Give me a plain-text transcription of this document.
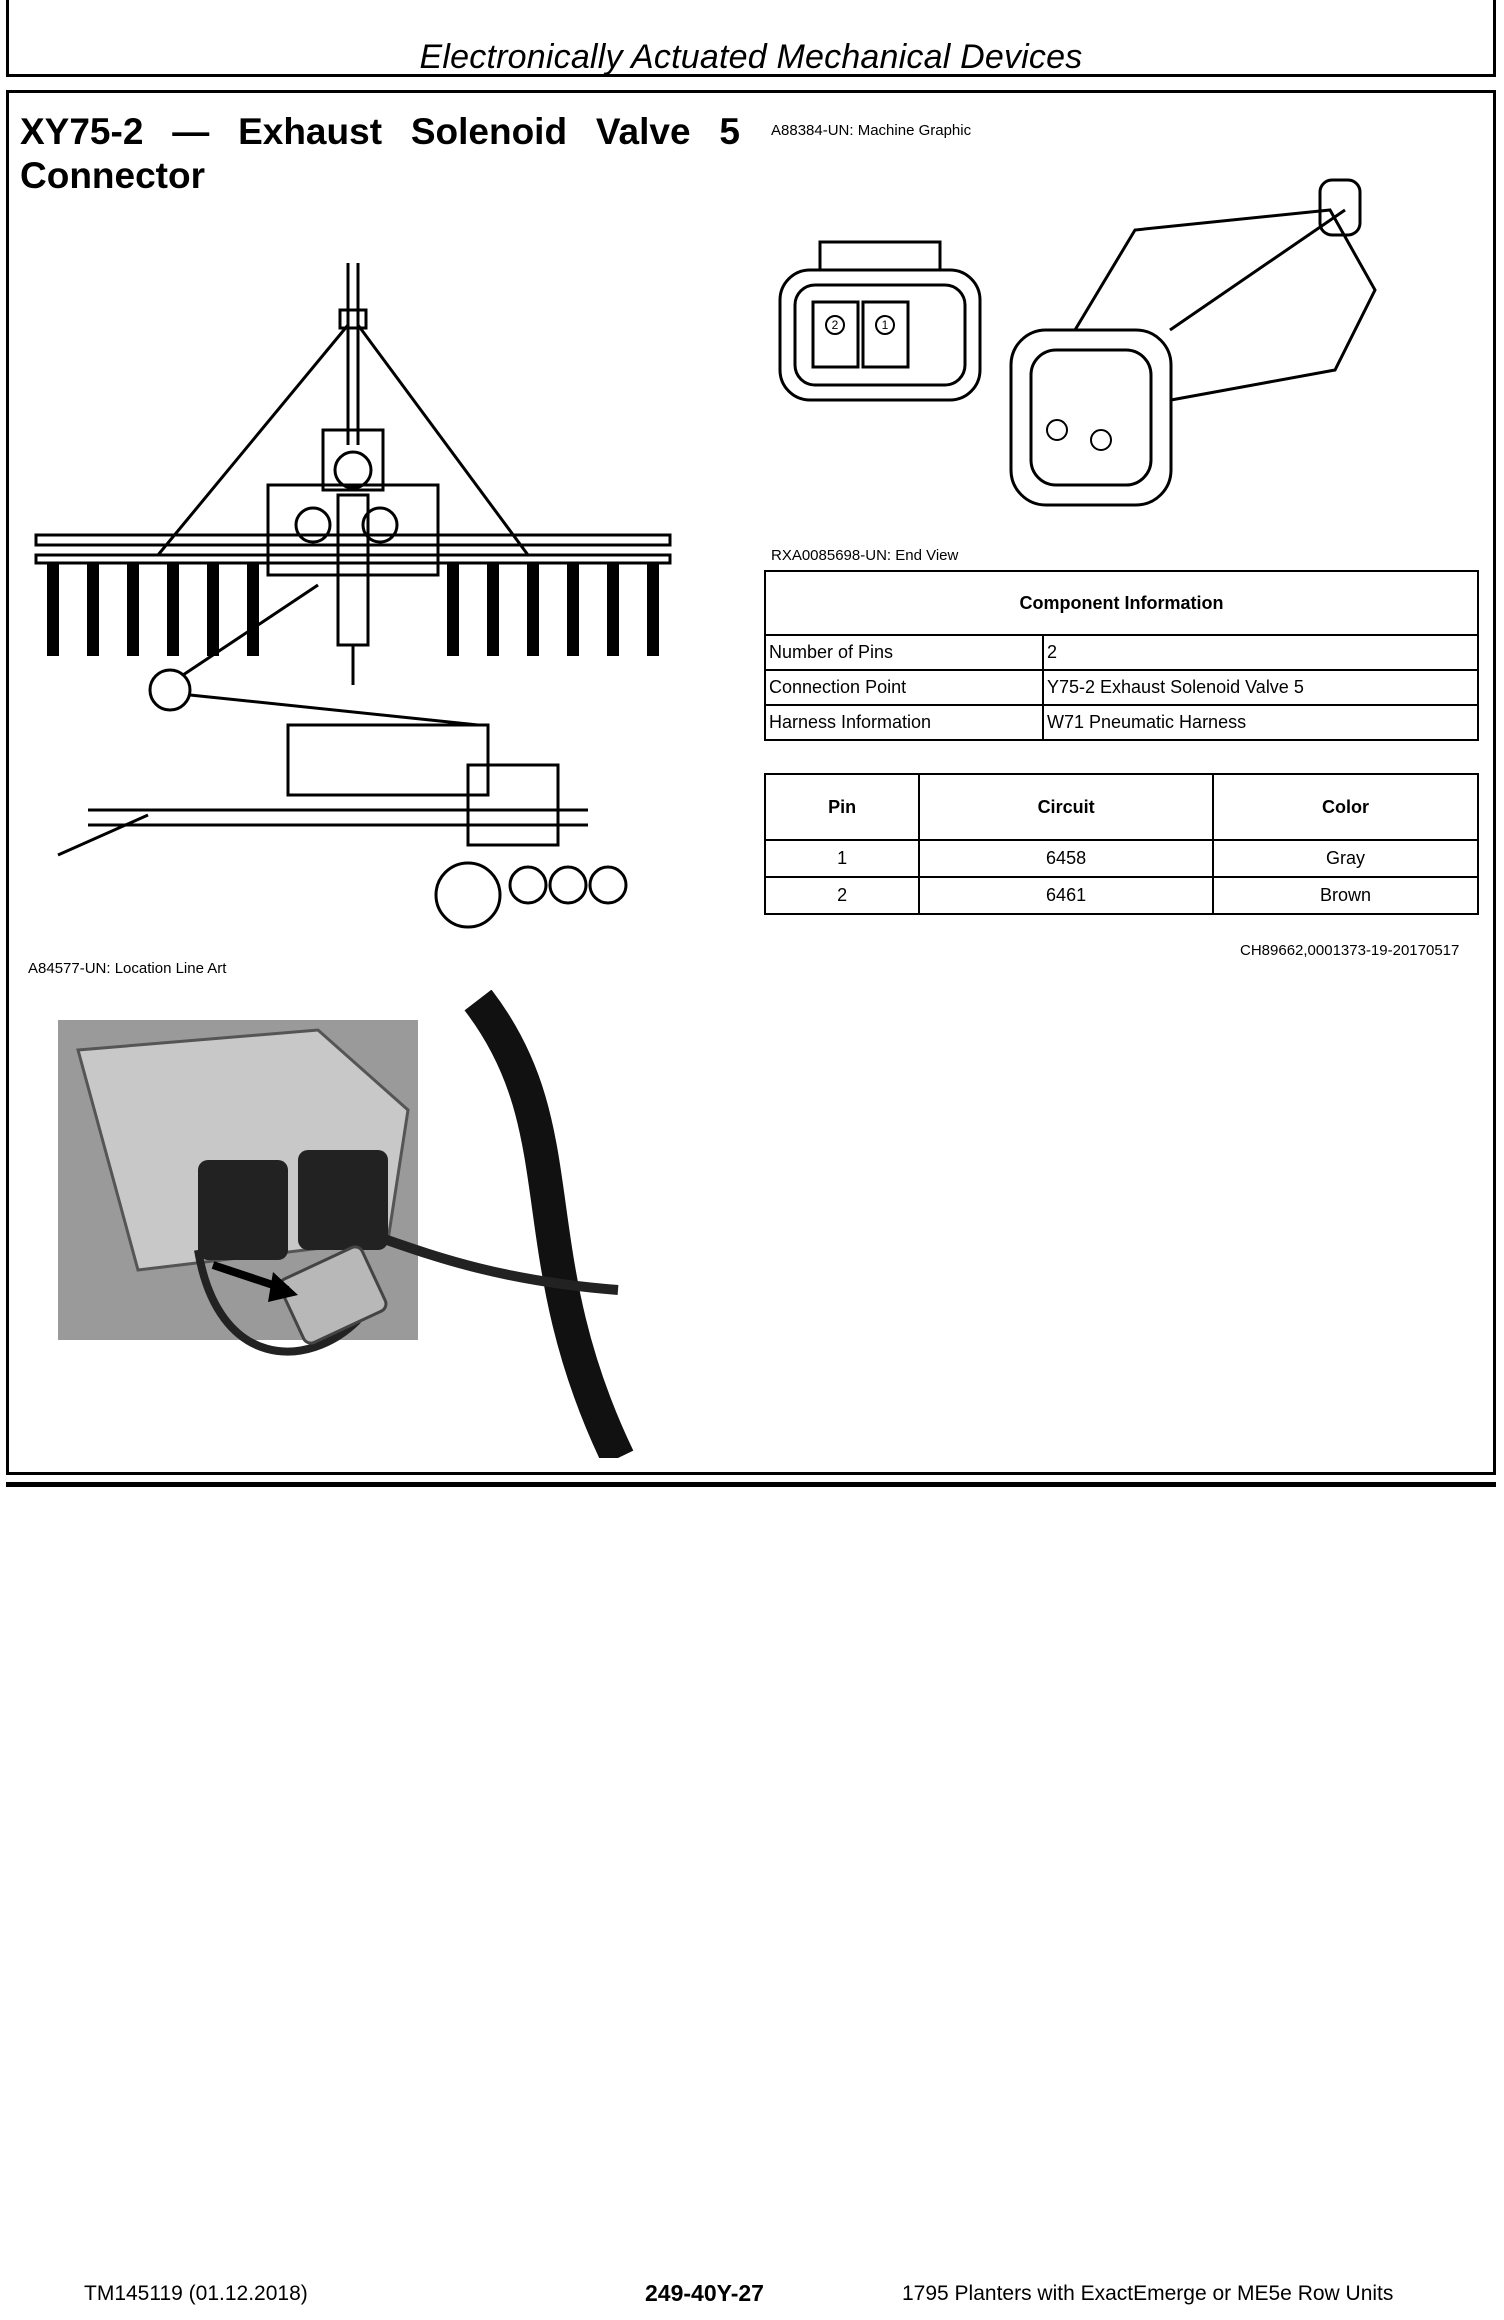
Electronically Actuated Mechanical Devices
XY75-2 — Exhaust Solenoid Valve 5
Connector
A88384-UN: Machine Graphic
2	1
RXA0085698-UN: End View
Component Information	
Number of Pins	2
Connection Point	Y75-2 Exhaust Solenoid Valve 5
Harness Information	W71 Pneumatic Harness
Pin	Circuit	Color
1	6458	Gray
2	6461	Brown
CH89662,0001373-19-20170517
A84577-UN: Location Line Art
TM145119 (01.12.2018)	249-40Y-27	1795 Planters with ExactEmerge or ME5e Row Units
